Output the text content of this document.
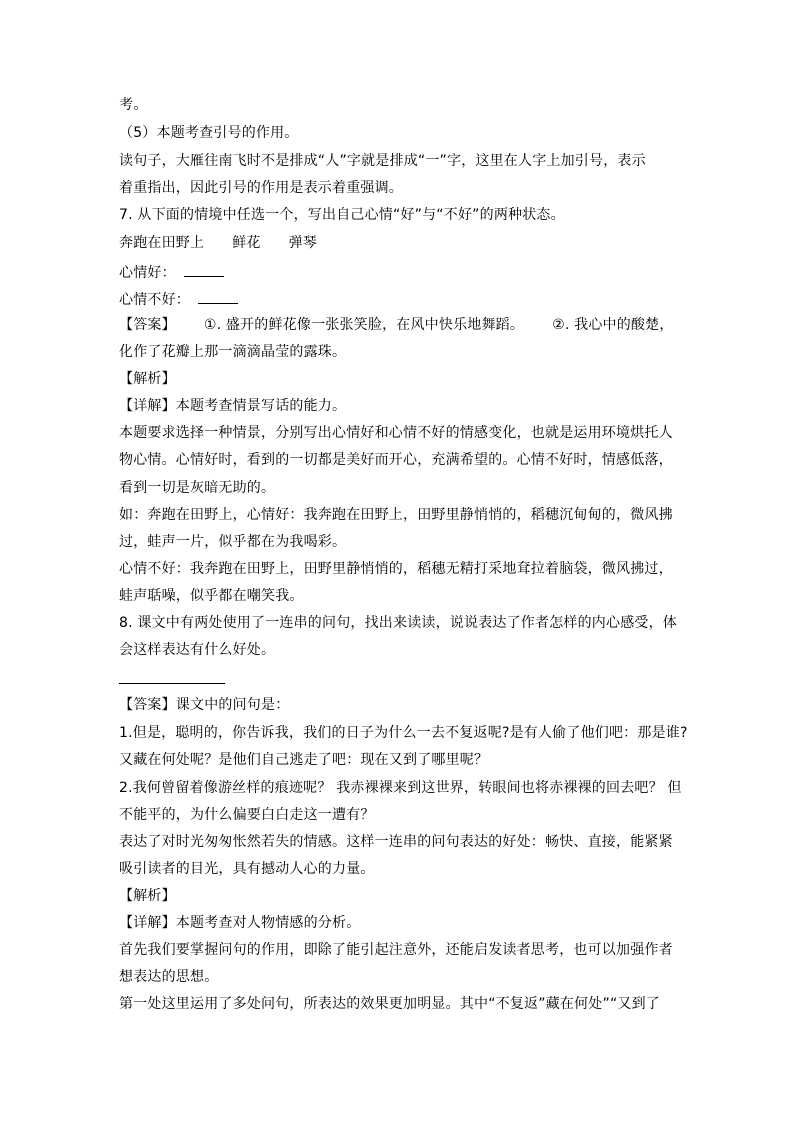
考。
（5）本题考查引号的作用。
读句子，大雁往南飞时不是排成“人”字就是排成“一”字，这里在人字上加引号，表示
着重指出，因此引号的作用是表示着重强调。
7. 从下面的情境中任选一个，写出自己心情“好”与“不好”的两种状态。
奔跑在田野上 鲜花 弹琴
心情好：
心情不好：
【答案】 ①. 盛开的鲜花像一张张笑脸，在风中快乐地舞蹈。 ②. 我心中的酸楚，
化作了花瓣上那一滴滴晶莹的露珠。
【解析】
【详解】本题考查情景写话的能力。
本题要求选择一种情景，分别写出心情好和心情不好的情感变化，也就是运用环境烘托人
物心情。心情好时，看到的一切都是美好而开心，充满希望的。心情不好时，情感低落，
看到一切是灰暗无助的。
如：奔跑在田野上，心情好：我奔跑在田野上，田野里静悄悄的，稻穗沉甸甸的，微风拂
过，蛙声一片，似乎都在为我喝彩。
心情不好：我奔跑在田野上，田野里静悄悄的，稻穗无精打采地耷拉着脑袋，微风拂过，
蛙声聒噪，似乎都在嘲笑我。
8. 课文中有两处使用了一连串的问句，找出来读读，说说表达了作者怎样的内心感受，体
会这样表达有什么好处。
【答案】课文中的问句是：
1.但是，聪明的，你告诉我，我们的日子为什么一去不复返呢?是有人偷了他们吧：那是谁?
又藏在何处呢？是他们自己逃走了吧：现在又到了哪里呢？
2.我何曾留着像游丝样的痕迹呢？ 我赤裸裸来到这世界，转眼间也将赤裸裸的回去吧？ 但
不能平的，为什么偏要白白走这一遭有？
表达了对时光匆匆怅然若失的情感。这样一连串的问句表达的好处：畅快、直接，能紧紧
吸引读者的目光，具有撼动人心的力量。
【解析】
【详解】本题考查对人物情感的分析。
首先我们要掌握问句的作用，即除了能引起注意外，还能启发读者思考，也可以加强作者
想表达的思想。
第一处这里运用了多处问句，所表达的效果更加明显。其中“不复返”藏在何处”“又到了
